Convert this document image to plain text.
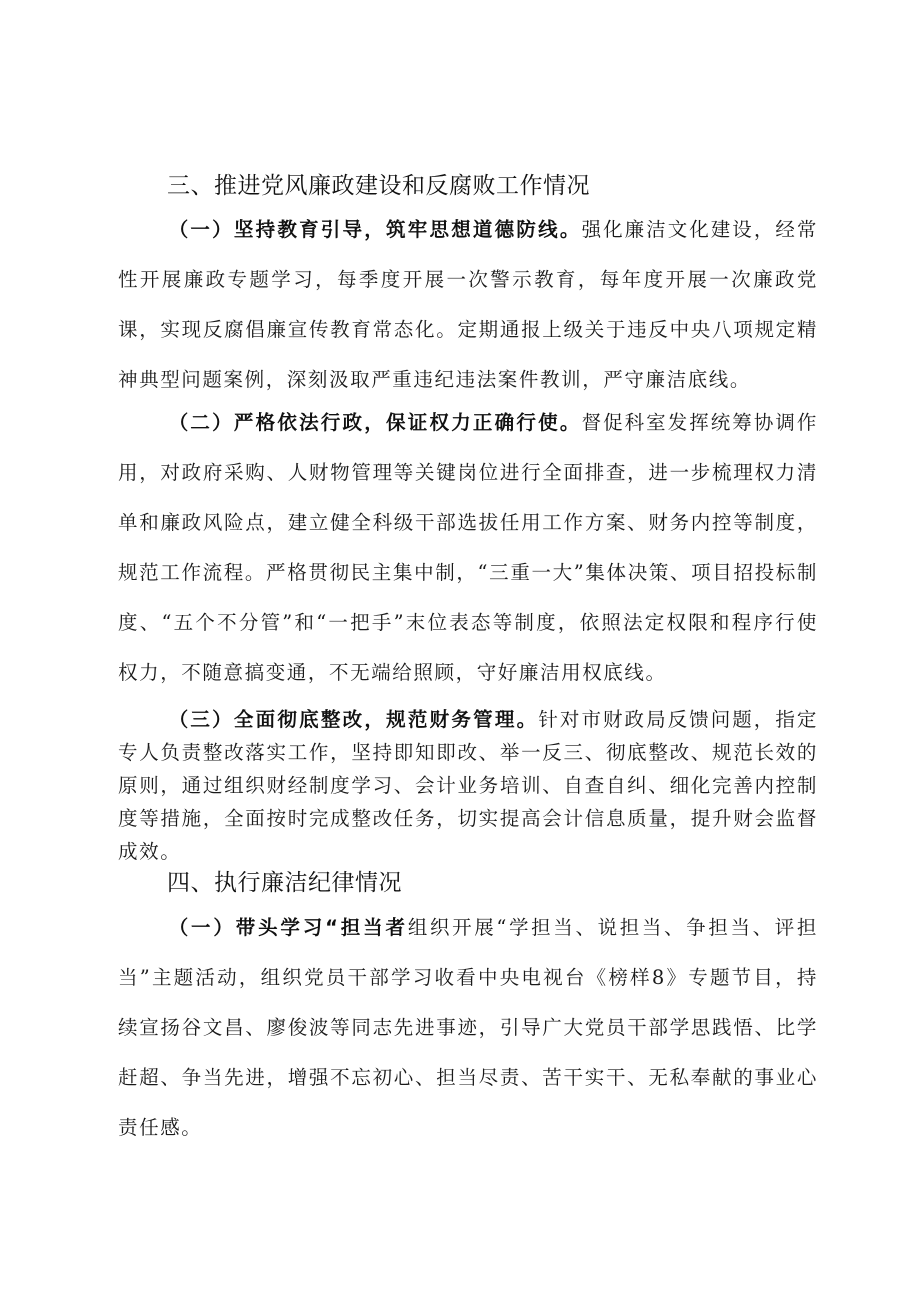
三、推进党风廉政建设和反腐败工作情况

（一）坚持教育引导，筑牢思想道德防线。强化廉洁文化建设，经常性开展廉政专题学习，每季度开展一次警示教育，每年度开展一次廉政党课，实现反腐倡廉宣传教育常态化。定期通报上级关于违反中央八项规定精神典型问题案例，深刻汲取严重违纪违法案件教训，严守廉洁底线。

（二）严格依法行政，保证权力正确行使。督促科室发挥统筹协调作用，对政府采购、人财物管理等关键岗位进行全面排查，进一步梳理权力清单和廉政风险点，建立健全科级干部选拔任用工作方案、财务内控等制度，规范工作流程。严格贯彻民主集中制，“三重一大”集体决策、项目招投标制度、“五个不分管”和“一把手”末位表态等制度，依照法定权限和程序行使权力，不随意搞变通，不无端给照顾，守好廉洁用权底线。

（三）全面彻底整改，规范财务管理。针对市财政局反馈问题，指定专人负责整改落实工作，坚持即知即改、举一反三、彻底整改、规范长效的原则，通过组织财经制度学习、会计业务培训、自查自纠、细化完善内控制度等措施，全面按时完成整改任务，切实提高会计信息质量，提升财会监督成效。

四、执行廉洁纪律情况

（一）带头学习“担当者组织开展“学担当、说担当、争担当、评担当”主题活动，组织党员干部学习收看中央电视台《榜样8》专题节目，持续宣扬谷文昌、廖俊波等同志先进事迹，引导广大党员干部学思践悟、比学赶超、争当先进，增强不忘初心、担当尽责、苦干实干、无私奉献的事业心责任感。
